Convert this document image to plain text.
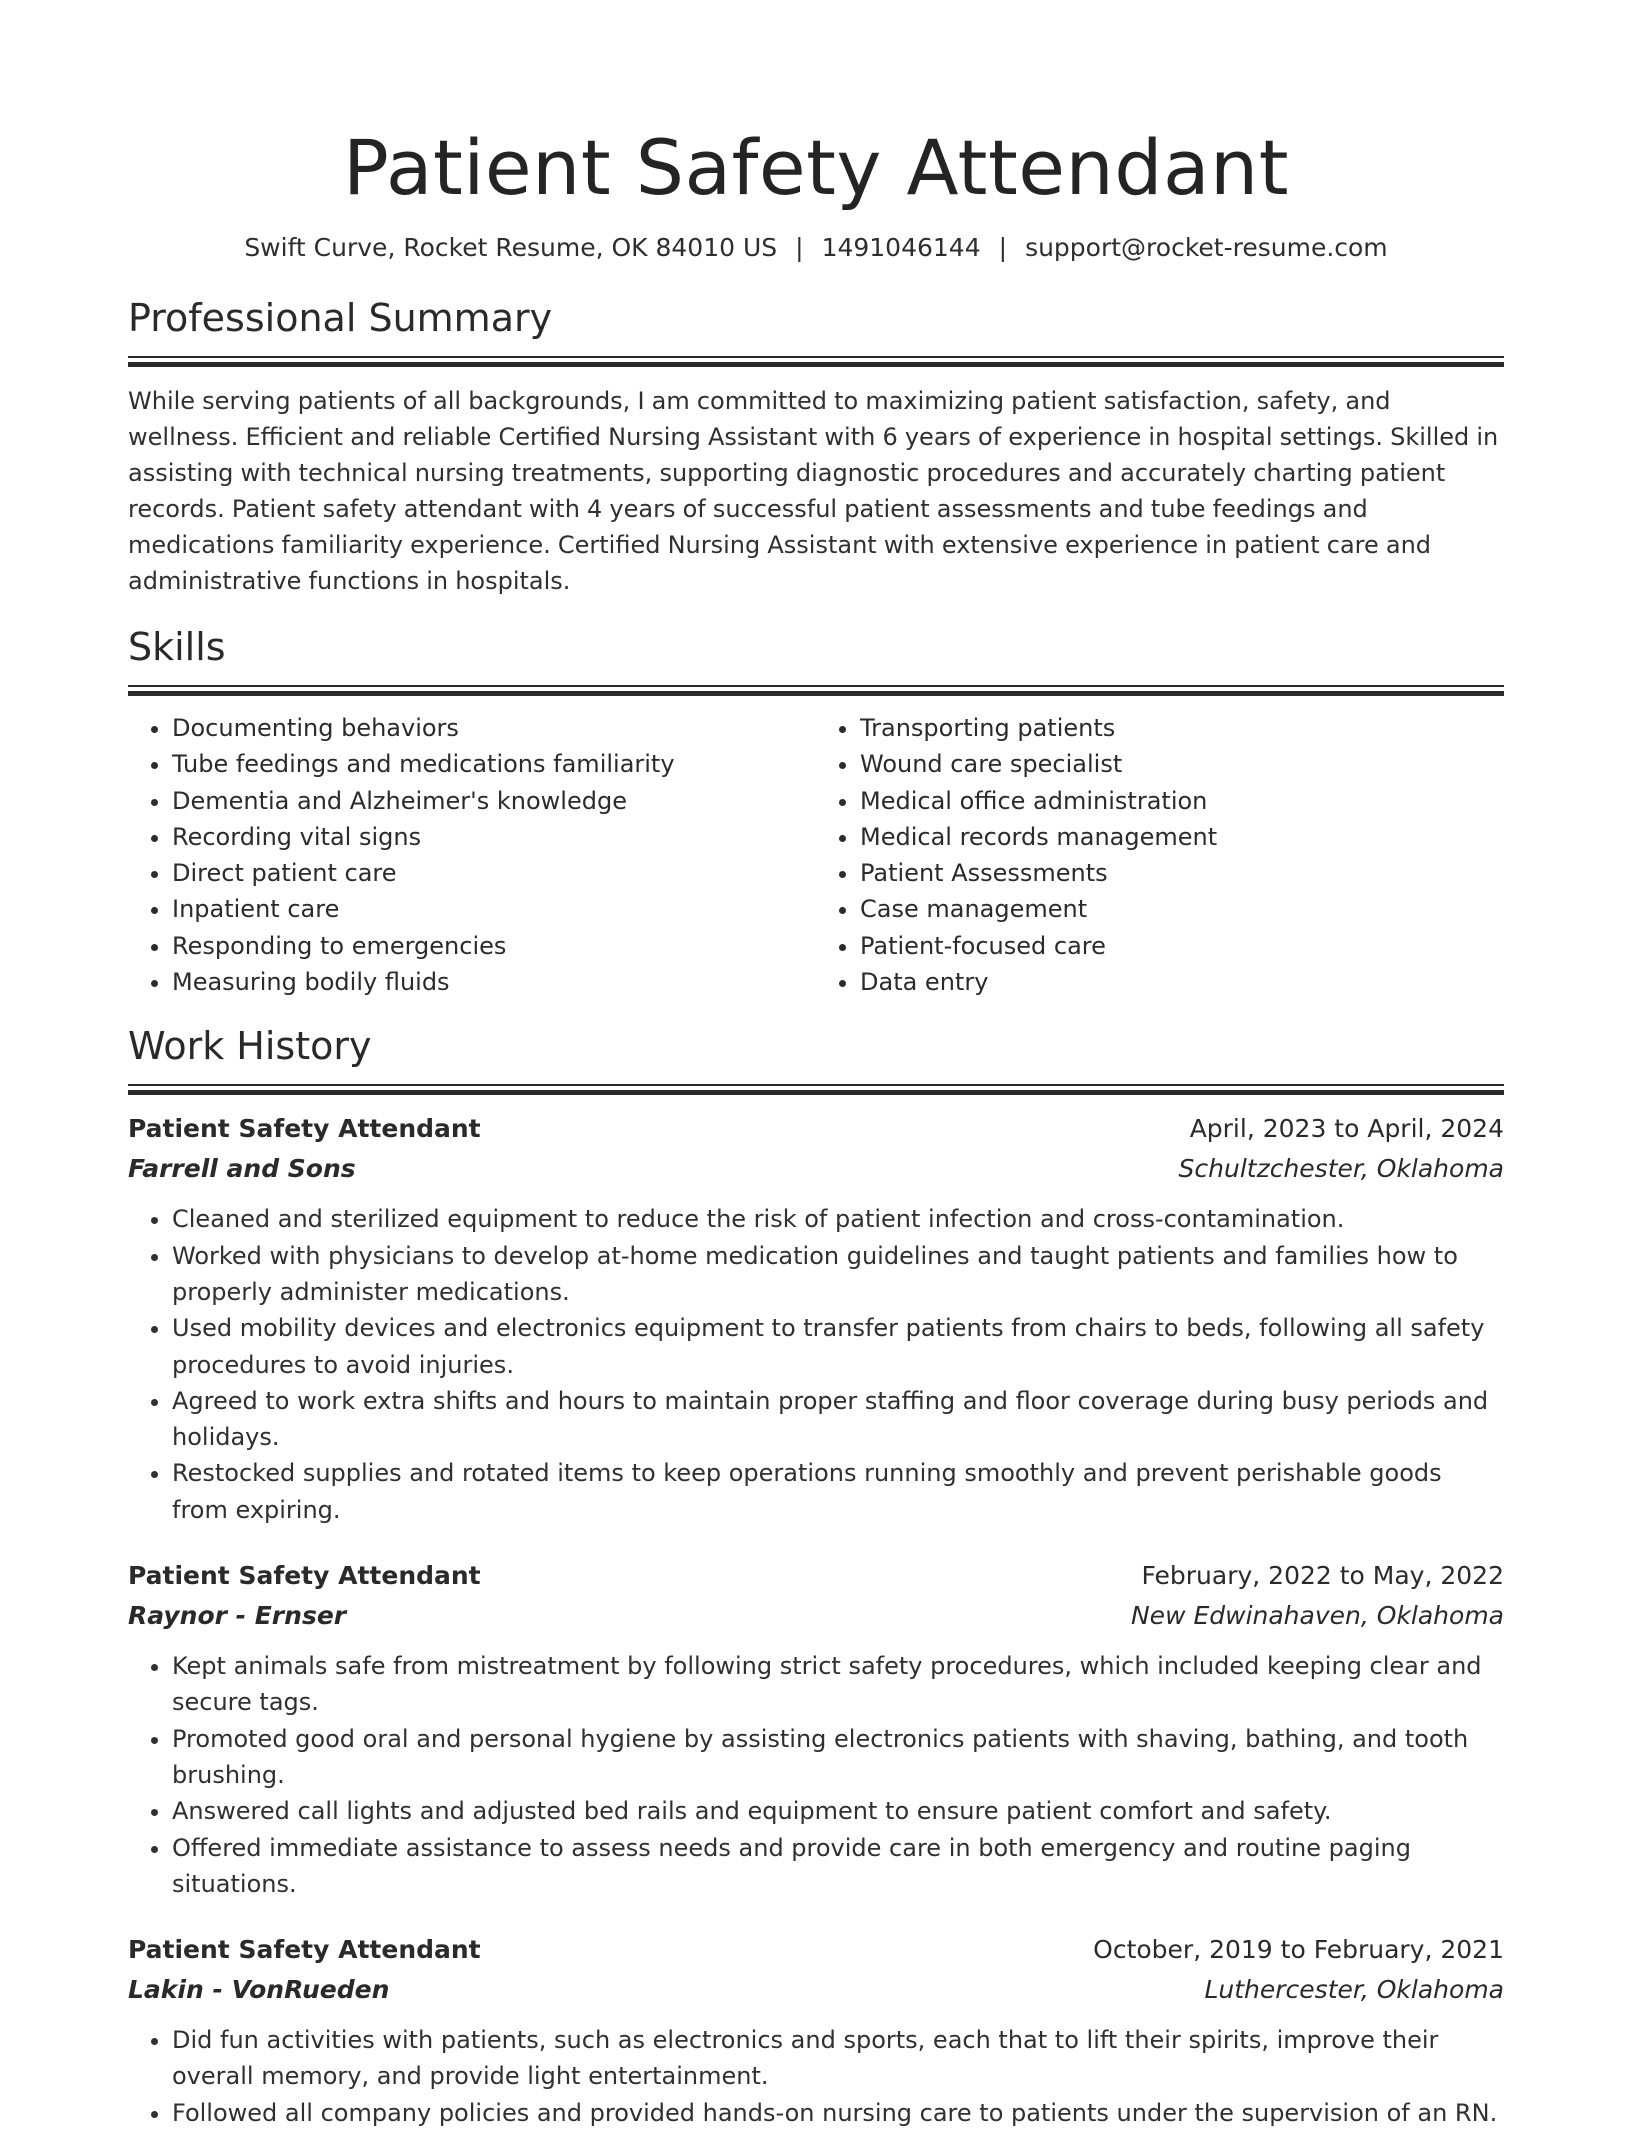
Patient Safety Attendant
Swift Curve, Rocket Resume, OK 84010 US | 1491046144 | support@rocket-resume.com
Professional Summary

While serving patients of all backgrounds, I am committed to maximizing patient satisfaction, safety, and wellness. Efficient and reliable Certified Nursing Assistant with 6 years of experience in hospital settings. Skilled in assisting with technical nursing treatments, supporting diagnostic procedures and accurately charting patient records. Patient safety attendant with 4 years of successful patient assessments and tube feedings and medications familiarity experience. Certified Nursing Assistant with extensive experience in patient care and administrative functions in hospitals.

Skills
• Documenting behaviors
• Tube feedings and medications familiarity
• Dementia and Alzheimer's knowledge
• Recording vital signs
• Direct patient care
• Inpatient care
• Responding to emergencies
• Measuring bodily fluids
• Transporting patients
• Wound care specialist
• Medical office administration
• Medical records management
• Patient Assessments
• Case management
• Patient-focused care
• Data entry
Work History
Patient Safety Attendant	April, 2023 to April, 2024
Farrell and Sons	Schultzchester, Oklahoma
• Cleaned and sterilized equipment to reduce the risk of patient infection and cross-contamination.
• Worked with physicians to develop at-home medication guidelines and taught patients and families how to properly administer medications.
• Used mobility devices and electronics equipment to transfer patients from chairs to beds, following all safety procedures to avoid injuries.
• Agreed to work extra shifts and hours to maintain proper staffing and floor coverage during busy periods and holidays.
• Restocked supplies and rotated items to keep operations running smoothly and prevent perishable goods from expiring.
Patient Safety Attendant	February, 2022 to May, 2022
Raynor - Ernser	New Edwinahaven, Oklahoma
• Kept animals safe from mistreatment by following strict safety procedures, which included keeping clear and secure tags.
• Promoted good oral and personal hygiene by assisting electronics patients with shaving, bathing, and tooth brushing.
• Answered call lights and adjusted bed rails and equipment to ensure patient comfort and safety.
• Offered immediate assistance to assess needs and provide care in both emergency and routine paging situations.
Patient Safety Attendant	October, 2019 to February, 2021
Lakin - VonRueden	Luthercester, Oklahoma
• Did fun activities with patients, such as electronics and sports, each that to lift their spirits, improve their overall memory, and provide light entertainment.
• Followed all company policies and provided hands-on nursing care to patients under the supervision of an RN.
